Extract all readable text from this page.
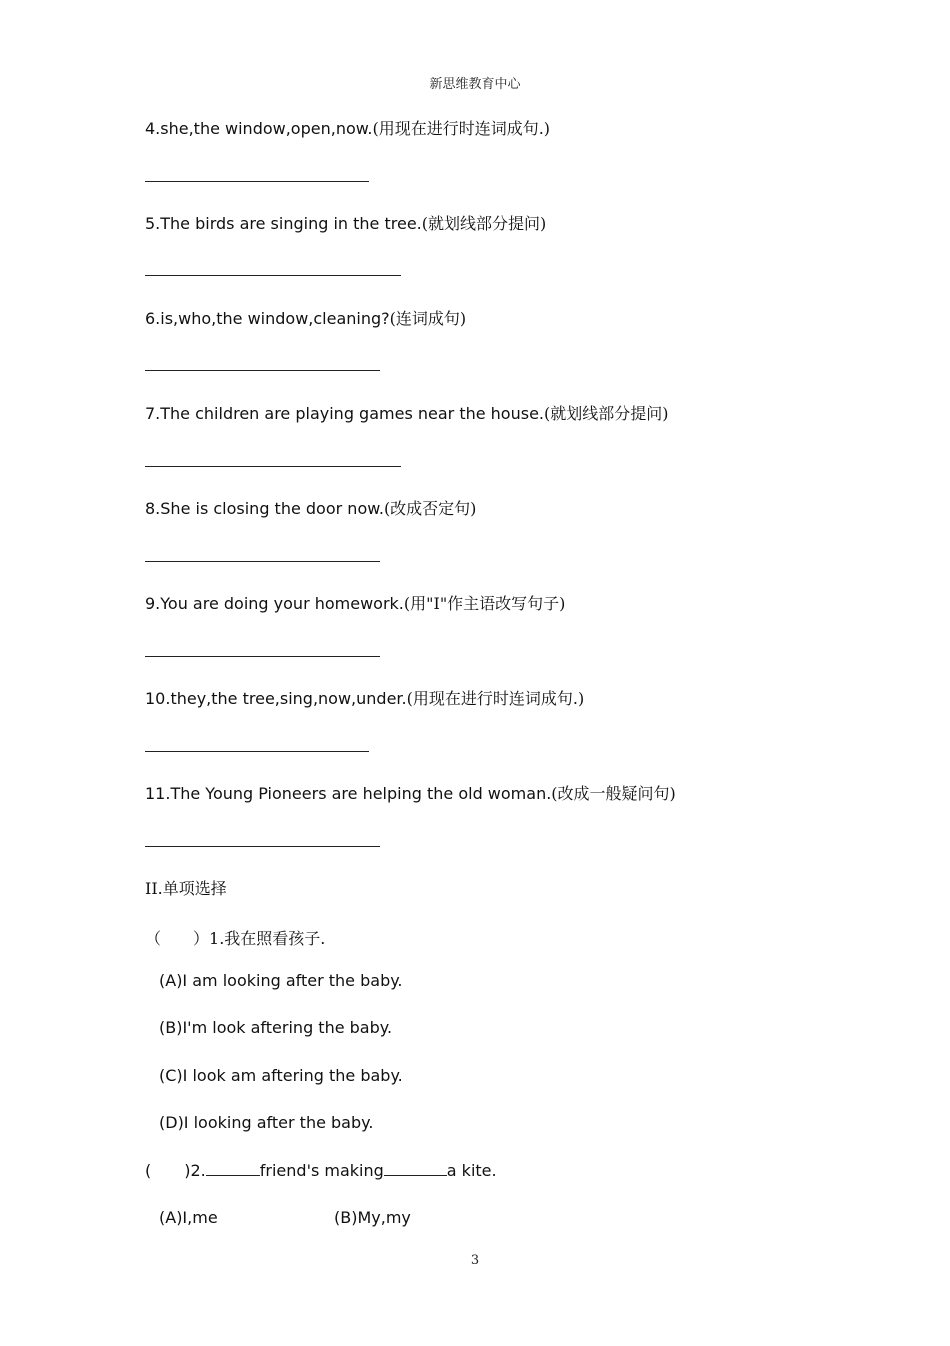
新思维教育中心
4.she,the window,open,now.(用现在进行时连词成句.)
5.The birds are singing in the tree.(就划线部分提问)
6.is,who,the window,cleaning?(连词成句)
7.The children are playing games near the house.(就划线部分提问)
8.She is closing the door now.(改成否定句)
9.You are doing your homework.(用"I"作主语改写句子)
10.they,the tree,sing,now,under.(用现在进行时连词成句.)
11.The Young Pioneers are helping the old woman.(改成一般疑问句)
II.单项选择
（　　）1.我在照看孩子.
(A)I am looking after the baby.
(B)I'm look aftering the baby.
(C)I look am aftering the baby.
(D)I looking after the baby.
( )2.	friend's making	a kite.
(A)I,me	(B)My,my
3
